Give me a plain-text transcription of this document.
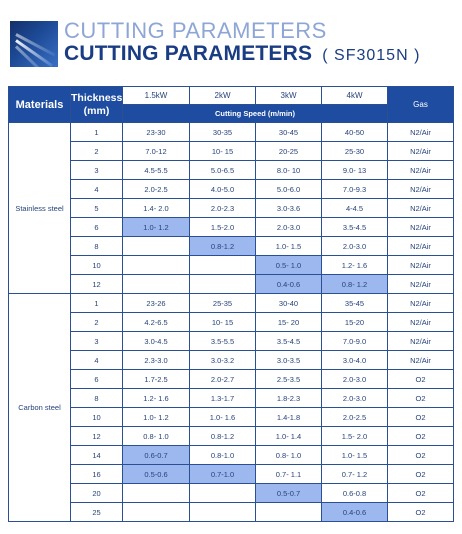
CUTTING PARAMETERS
CUTTING PARAMETERS ( SF3015N )
Materials	Thickness (mm)	1.5kW	2kW	3kW	4kW	Gas
		Cutting Speed (m/min)				
Stainless steel	1	23-30	30-35	30-45	40-50	N2/Air
	2	7.0-12	10- 15	20-25	25-30	N2/Air
	3	4.5-5.5	5.0-6.5	8.0- 10	9.0- 13	N2/Air
	4	2.0-2.5	4.0-5.0	5.0-6.0	7.0-9.3	N2/Air
	5	1.4- 2.0	2.0-2.3	3.0-3.6	4-4.5	N2/Air
	6	1.0- 1.2	1.5-2.0	2.0-3.0	3.5-4.5	N2/Air
	8		0.8-1.2	1.0- 1.5	2.0-3.0	N2/Air
	10			0.5- 1.0	1.2- 1.6	N2/Air
	12			0.4-0.6	0.8- 1.2	N2/Air
Carbon steel	1	23-26	25-35	30-40	35-45	N2/Air
	2	4.2-6.5	10- 15	15- 20	15-20	N2/Air
	3	3.0-4.5	3.5-5.5	3.5-4.5	7.0-9.0	N2/Air
	4	2.3-3.0	3.0-3.2	3.0-3.5	3.0-4.0	N2/Air
	6	1.7-2.5	2.0-2.7	2.5-3.5	2.0-3.0	O2
	8	1.2- 1.6	1.3-1.7	1.8-2.3	2.0-3.0	O2
	10	1.0- 1.2	1.0- 1.6	1.4-1.8	2.0-2.5	O2
	12	0.8- 1.0	0.8-1.2	1.0- 1.4	1.5- 2.0	O2
	14	0.6-0.7	0.8-1.0	0.8- 1.0	1.0- 1.5	O2
	16	0.5-0.6	0.7-1.0	0.7- 1.1	0.7- 1.2	O2
	20			0.5-0.7	0.6-0.8	O2
	25				0.4-0.6	O2
